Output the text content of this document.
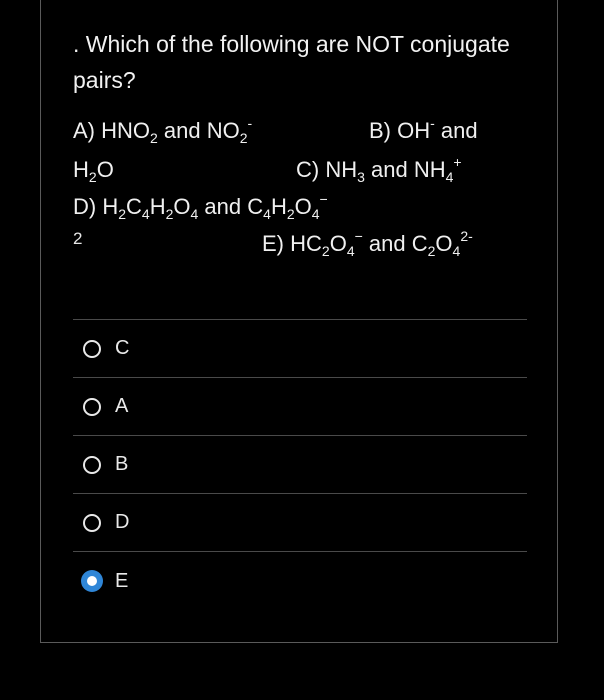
. Which of the following are NOT conjugate pairs?
A) $HNO_2$ and $NO_2^-$	B) OH- and
$H_2O$	C) $NH_3$ and $NH_4^+$
D) $H_2C_4H_2O_4$ and $C_4H_2O_4^-$
2	E) $HC_2O_4^-$ and $C_2O_4^{2-}$
C
A
B
D
E
